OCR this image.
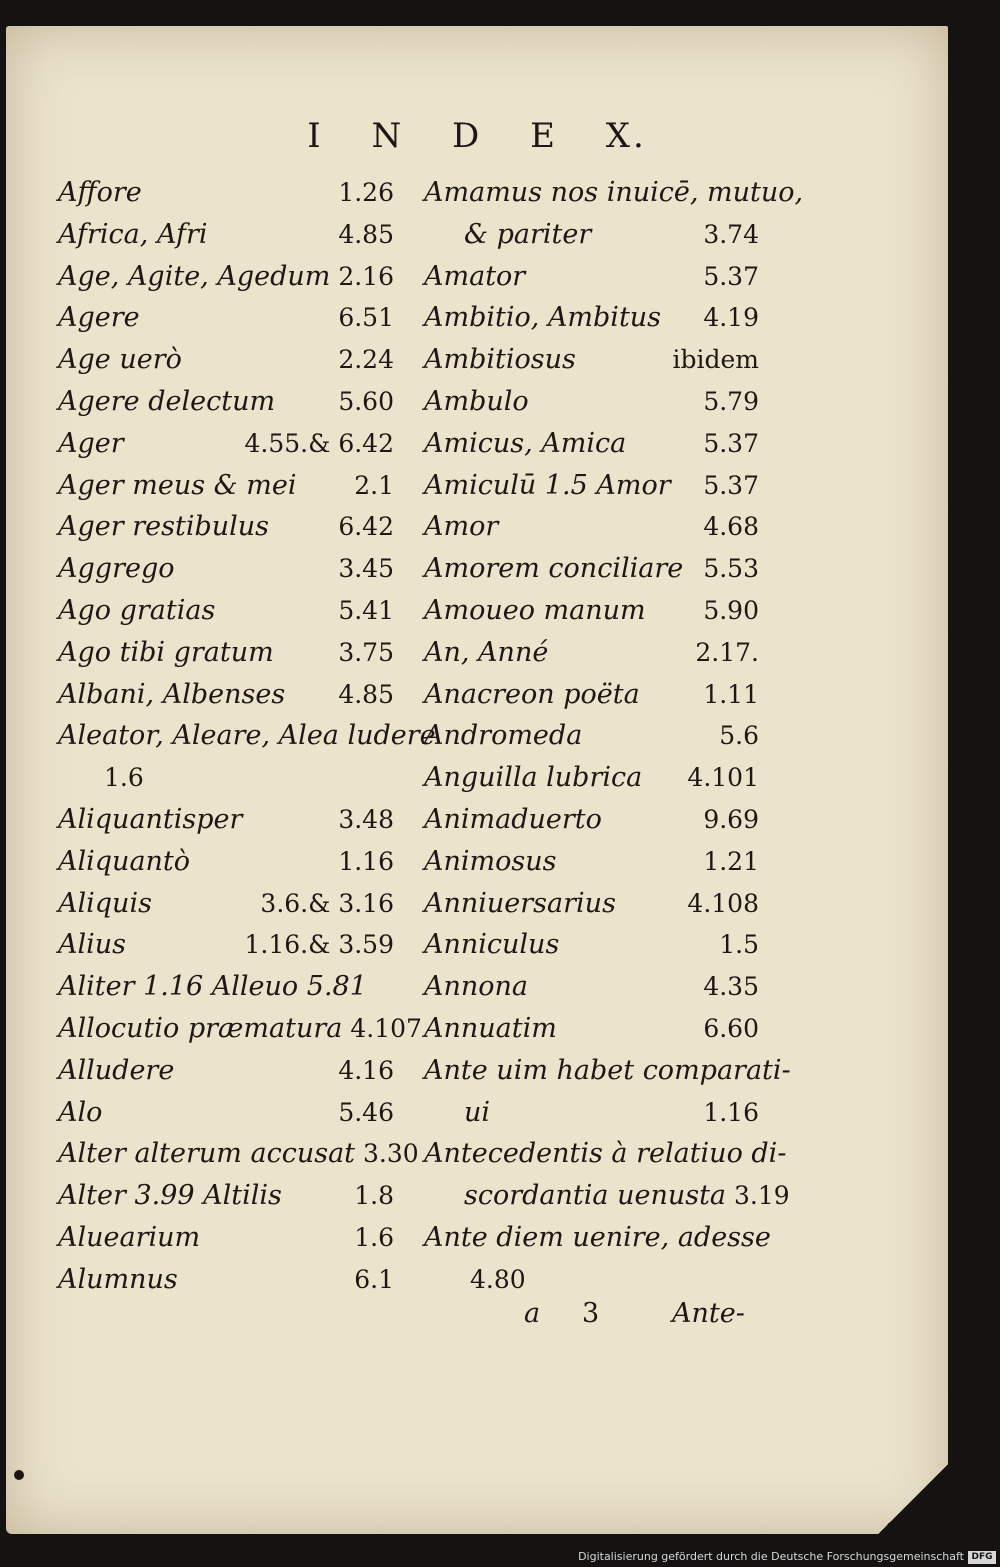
I N D E X.
Affore	1.26
Africa, Afri	4.85
Age, Agite, Agedum 2.16
Agere	6.51
Age uerò	2.24
Agere delectum	5.60
Ager	4.55.& 6.42
Ager meus & mei 2.1
Ager restibulus	6.42
Aggrego	3.45
Ago gratias	5.41
Ago tibi gratum	3.75
Albani, Albenses 4.85
Aleator, Aleare, Alea ludere
1.6
Aliquantisper	3.48
Aliquantò	1.16
Aliquis	3.6.& 3.16
Alius	1.16.& 3.59
Aliter 1.16 Alleuo 5.81
Allocutio præmatura 4.107
Alludere	4.16
Alo	5.46
Alter alterum accusat 3.30
Alter 3.99 Altilis	1.8
Aluearium	1.6
Alumnus	6.1
Amamus nos inuicē, mutuo,
& pariter	3.74
Amator	5.37
Ambitio, Ambitus 4.19
Ambitiosus	ibidem
Ambulo	5.79
Amicus, Amica	5.37
Amiculū 1.5 Amor 5.37
Amor	4.68
Amorem conciliare 5.53
Amoueo manum 5.90
An, Anné	2.17.
Anacreon poëta	1.11
Andromeda	5.6
Anguilla lubrica 4.101
Animaduerto	9.69
Animosus	1.21
Anniuersarius	4.108
Anniculus	1.5
Annona	4.35
Annuatim	6.60
Ante uim habet comparati-
ui	1.16
Antecedentis à relatiuo di-
scordantia uenusta 3.19
Ante diem uenire, adesse
4.80
a 3	Ante-
Digitalisierung gefördert durch die Deutsche Forschungsgemeinschaft DFG
